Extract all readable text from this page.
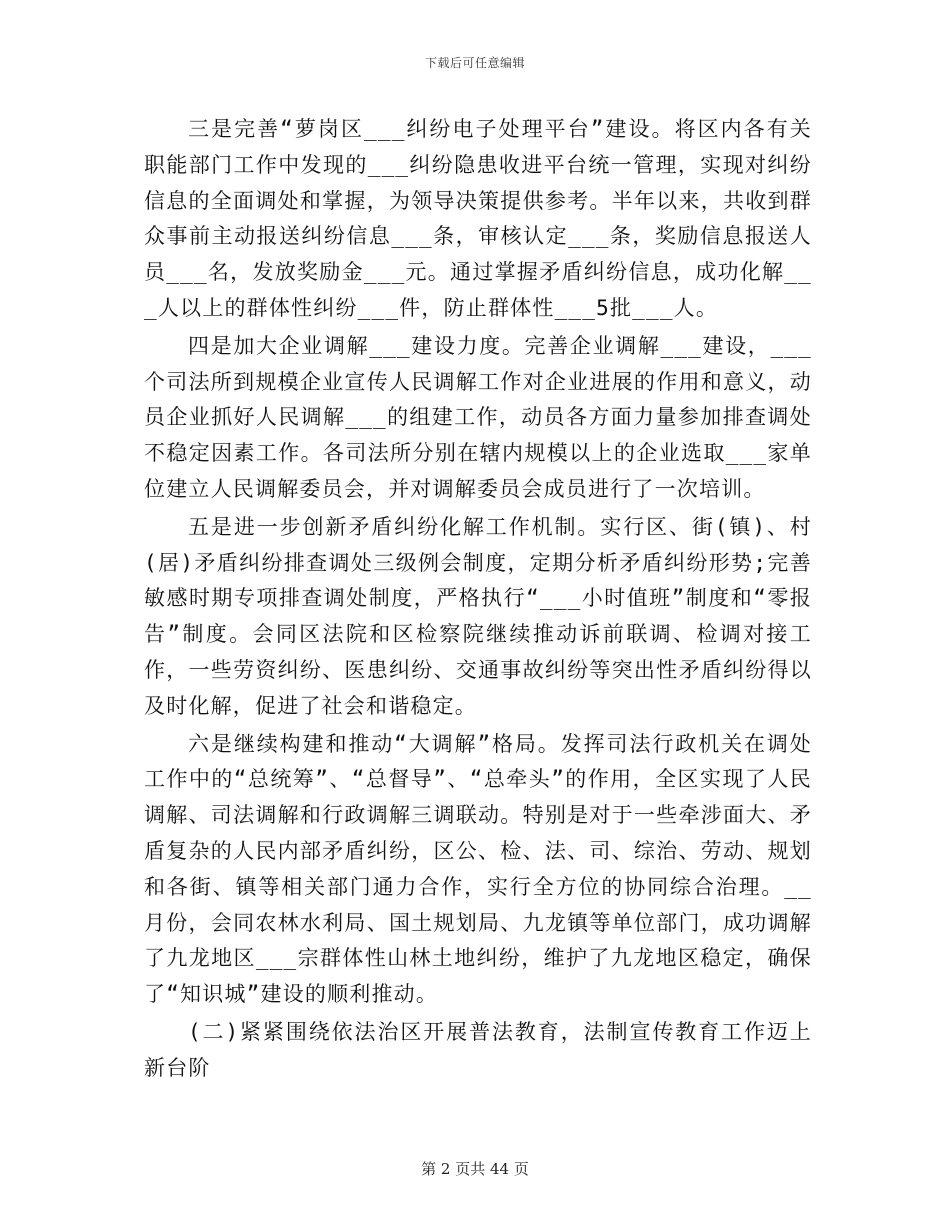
下载后可任意编辑

三是完善“萝岗区___纠纷电子处理平台”建设。将区内各有关职能部门工作中发现的___纠纷隐患收进平台统一管理，实现对纠纷信息的全面调处和掌握，为领导决策提供参考。半年以来，共收到群众事前主动报送纠纷信息___条，审核认定___条，奖励信息报送人员___名，发放奖励金___元。通过掌握矛盾纠纷信息，成功化解___人以上的群体性纠纷___件，防止群体性___5批___人。

四是加大企业调解___建设力度。完善企业调解___建设，___个司法所到规模企业宣传人民调解工作对企业进展的作用和意义，动员企业抓好人民调解___的组建工作，动员各方面力量参加排查调处不稳定因素工作。各司法所分别在辖内规模以上的企业选取___家单位建立人民调解委员会，并对调解委员会成员进行了一次培训。

五是进一步创新矛盾纠纷化解工作机制。实行区、街(镇)、村(居)矛盾纠纷排查调处三级例会制度，定期分析矛盾纠纷形势;完善敏感时期专项排查调处制度，严格执行“___小时值班”制度和“零报告”制度。会同区法院和区检察院继续推动诉前联调、检调对接工作，一些劳资纠纷、医患纠纷、交通事故纠纷等突出性矛盾纠纷得以及时化解，促进了社会和谐稳定。

六是继续构建和推动“大调解”格局。发挥司法行政机关在调处工作中的“总统筹”、“总督导”、“总牵头”的作用，全区实现了人民调解、司法调解和行政调解三调联动。特别是对于一些牵涉面大、矛盾复杂的人民内部矛盾纠纷，区公、检、法、司、综治、劳动、规划和各街、镇等相关部门通力合作，实行全方位的协同综合治理。__月份，会同农林水利局、国土规划局、九龙镇等单位部门，成功调解了九龙地区___宗群体性山林土地纠纷，维护了九龙地区稳定，确保了“知识城”建设的顺利推动。

(二)紧紧围绕依法治区开展普法教育，法制宣传教育工作迈上新台阶

第 2 页共 44 页
